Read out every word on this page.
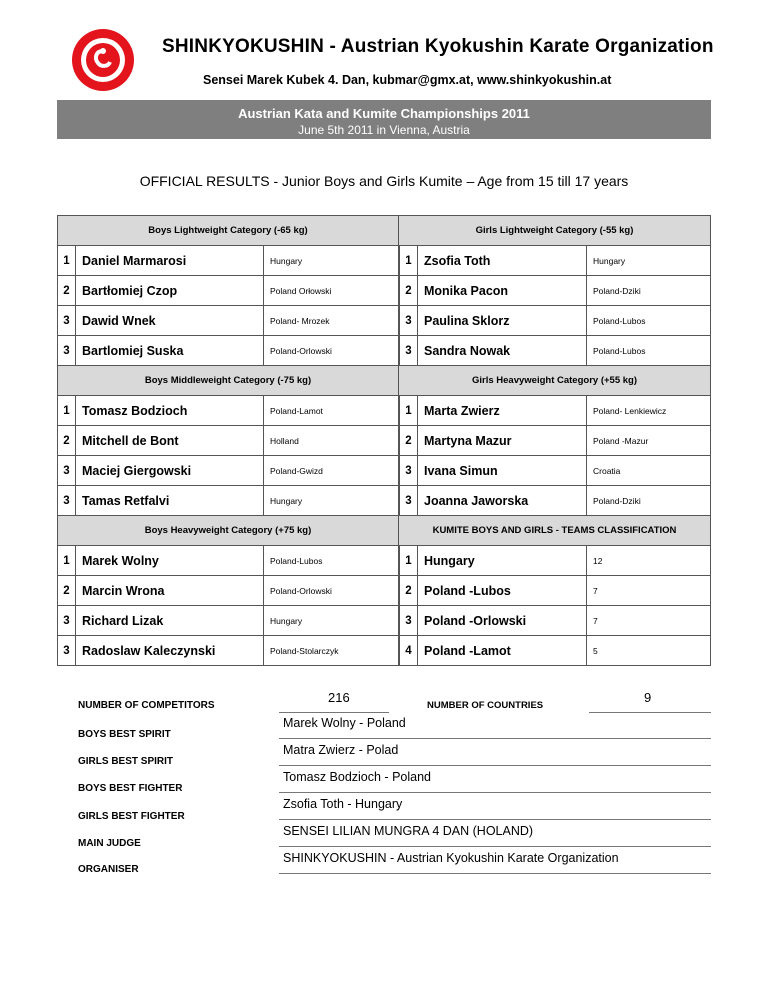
SHINKYOKUSHIN - Austrian Kyokushin Karate Organization
Sensei Marek Kubek 4. Dan, kubmar@gmx.at, www.shinkyokushin.at
Austrian Kata and Kumite Championships 2011
June 5th 2011 in Vienna, Austria
OFFICIAL RESULTS - Junior Boys and Girls Kumite – Age from 15 till 17 years
Boys Lightweight Category (-65 kg)
1 Daniel Marmarosi	Hungary
2 Bartłomiej Czop	Poland Orłowski
3 Dawid Wnek	Poland- Mrozek
3 Bartlomiej Suska	Poland-Orlowski
Boys Middleweight Category (-75 kg)
1 Tomasz Bodzioch	Poland-Lamot
2 Mitchell de Bont	Holland
3 Maciej Giergowski	Poland-Gwizd
3 Tamas Retfalvi	Hungary
Boys Heavyweight Category (+75 kg)
1 Marek Wolny	Poland-Lubos
2 Marcin Wrona	Poland-Orlowski
3 Richard Lizak	Hungary
3 Radoslaw Kaleczynski	Poland-Stolarczyk
Girls Lightweight Category (-55 kg)
1 Zsofia Toth	Hungary
2 Monika Pacon	Poland-Dziki
3 Paulina Sklorz	Poland-Lubos
3 Sandra Nowak	Poland-Lubos
Girls Heavyweight Category (+55 kg)
1 Marta Zwierz	Poland- Lenkiewicz
2 Martyna Mazur	Poland -Mazur
3 Ivana Simun	Croatia
3 Joanna Jaworska	Poland-Dziki
KUMITE BOYS AND GIRLS - TEAMS CLASSIFICATION
1 Hungary	12
2 Poland -Lubos	7
3 Poland -Orlowski	7
4 Poland -Lamot	5
NUMBER OF COMPETITORS
216
NUMBER OF COUNTRIES
9
BOYS BEST SPIRIT
Marek Wolny - Poland
GIRLS BEST SPIRIT
Matra Zwierz - Polad
BOYS BEST FIGHTER
Tomasz Bodzioch - Poland
GIRLS BEST FIGHTER
Zsofia Toth - Hungary
MAIN JUDGE
SENSEI LILIAN MUNGRA 4 DAN (HOLAND)
ORGANISER
SHINKYOKUSHIN - Austrian Kyokushin Karate Organization
